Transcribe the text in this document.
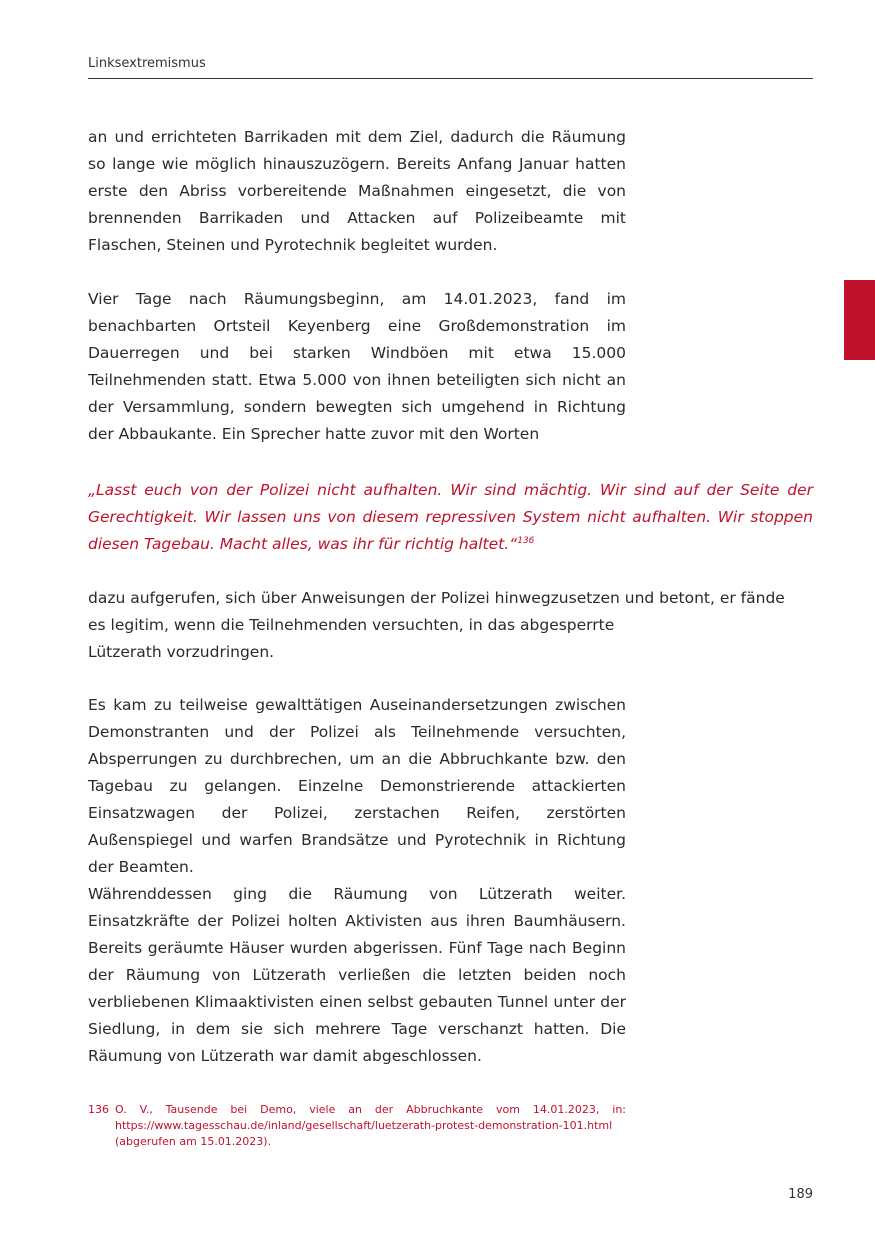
Linksextremismus

an und errichteten Barrikaden mit dem Ziel, dadurch die Räumung so lange wie möglich hinauszuzögern. Bereits Anfang Januar hatten erste den Abriss vorbereitende Maßnahmen eingesetzt, die von brennenden Barrikaden und Attacken auf Polizeibeamte mit Flaschen, Steinen und Pyrotechnik begleitet wurden.

Vier Tage nach Räumungsbeginn, am 14.01.2023, fand im benachbarten Ortsteil Keyenberg eine Großdemonstration im Dauerregen und bei starken Windböen mit etwa 15.000 Teilnehmenden statt. Etwa 5.000 von ihnen beteiligten sich nicht an der Versammlung, sondern bewegten sich umgehend in Richtung der Abbaukante. Ein Sprecher hatte zuvor mit den Worten

„Lasst euch von der Polizei nicht aufhalten. Wir sind mächtig. Wir sind auf der Seite der Gerechtigkeit. Wir lassen uns von diesem repressiven System nicht aufhalten. Wir stoppen diesen Tagebau. Macht alles, was ihr für richtig haltet.“$^{136}$

dazu aufgerufen, sich über Anweisungen der Polizei hinwegzusetzen und betont, er fände
es legitim, wenn die Teilnehmenden versuchten, in das abgesperrte
Lützerath vorzudringen.

Es kam zu teilweise gewalttätigen Auseinandersetzungen zwischen Demonstranten und der Polizei als Teilnehmende versuchten, Absperrungen zu durchbrechen, um an die Abbruchkante bzw. den Tagebau zu gelangen. Einzelne Demonstrierende attackierten Einsatzwagen der Polizei, zerstachen Reifen, zerstörten Außenspiegel und warfen Brandsätze und Pyrotechnik in Richtung der Beamten.

Währenddessen ging die Räumung von Lützerath weiter. Einsatzkräfte der Polizei holten Aktivisten aus ihren Baumhäusern. Bereits geräumte Häuser wurden abgerissen. Fünf Tage nach Beginn der Räumung von Lützerath verließen die letzten beiden noch verbliebenen Klimaaktivisten einen selbst gebauten Tunnel unter der Siedlung, in dem sie sich mehrere Tage verschanzt hatten. Die Räumung von Lützerath war damit abgeschlossen.

136 O. V., Tausende bei Demo, viele an der Abbruchkante vom 14.01.2023, in: https://www.tagesschau.de/inland/gesellschaft/luetzerath-protest-demonstration-101.html (abgerufen am 15.01.2023).
189
